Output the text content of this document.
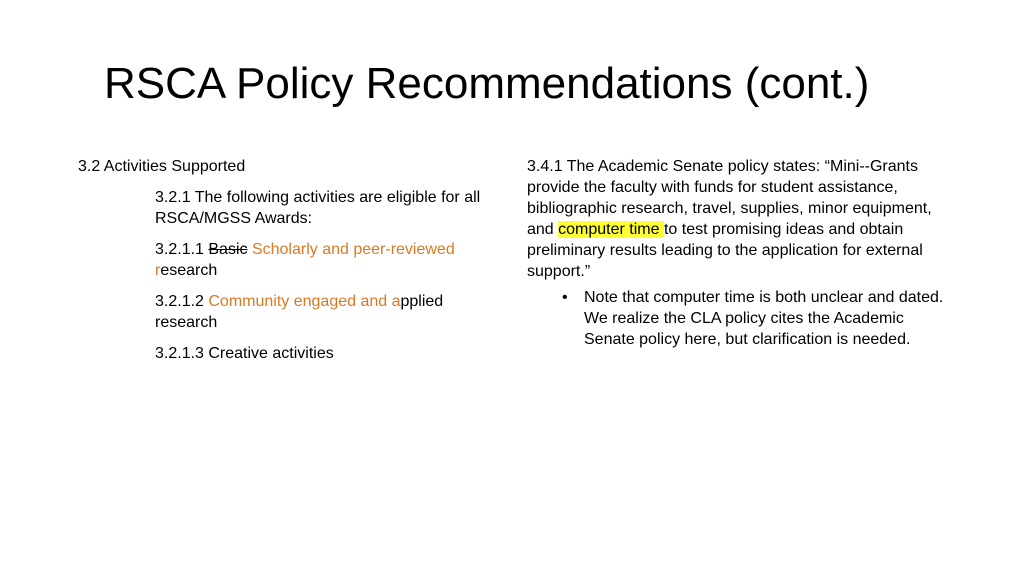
RSCA Policy Recommendations (cont.)

3.2 Activities Supported

3.2.1 The following activities are eligible for all RSCA/MGSS Awards:

3.2.1.1 Basic Scholarly and peer-reviewed research

3.2.1.2 Community engaged and applied research

3.2.1.3 Creative activities

3.4.1 The Academic Senate policy states: “Mini--Grants provide the faculty with funds for student assistance, bibliographic research, travel, supplies, minor equipment, and computer time to test promising ideas and obtain preliminary results leading to the application for external support.”

•	Note that computer time is both unclear and dated. We realize the CLA policy cites the Academic Senate policy here, but clarification is needed.
